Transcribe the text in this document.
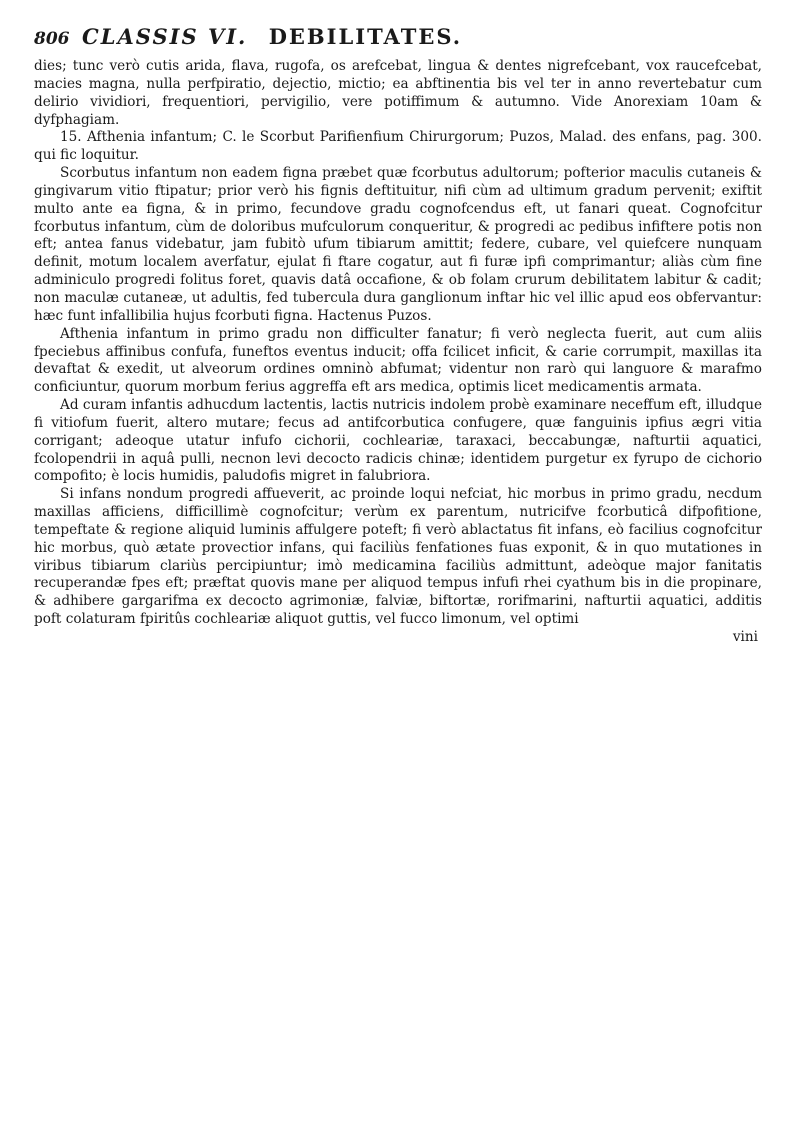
806 CLASSIS VI. DEBILITATES.

dies; tunc verò cutis arida, flava, rugofa, os arefcebat, lingua & dentes nigrefcebant, vox raucefcebat, macies magna, nulla perfpiratio, dejectio, mictio; ea abftinentia bis vel ter in anno revertebatur cum delirio vividiori, frequentiori, pervigilio, vere potiffimum & autumno. Vide Anorexiam 10am & dyfphagiam.

15. Afthenia infantum; C. le Scorbut Parifienfium Chirurgorum; Puzos, Malad. des enfans, pag. 300. qui fic loquitur.

Scorbutus infantum non eadem figna præbet quæ fcorbutus adultorum; pofterior maculis cutaneis & gingivarum vitio ftipatur; prior verò his fignis deftituitur, nifi cùm ad ultimum gradum pervenit; exiftit multo ante ea figna, & in primo, fecundove gradu cognofcendus eft, ut fanari queat. Cognofcitur fcorbutus infantum, cùm de doloribus mufculorum conqueritur, & progredi ac pedibus infiftere potis non eft; antea fanus videbatur, jam fubitò ufum tibiarum amittit; federe, cubare, vel quiefcere nunquam definit, motum localem averfatur, ejulat fi ftare cogatur, aut fi furæ ipfi comprimantur; aliàs cùm fine adminiculo progredi folitus foret, quavis datâ occafione, & ob folam crurum debilitatem labitur & cadit; non maculæ cutaneæ, ut adultis, fed tubercula dura ganglionum inftar hic vel illic apud eos obfervantur: hæc funt infallibilia hujus fcorbuti figna. Hactenus Puzos.

Afthenia infantum in primo gradu non difficulter fanatur; fi verò neglecta fuerit, aut cum aliis fpeciebus affinibus confufa, funeftos eventus inducit; offa fcilicet inficit, & carie corrumpit, maxillas ita devaftat & exedit, ut alveorum ordines omninò abfumat; videntur non rarò qui languore & marafmo conficiuntur, quorum morbum ferius aggreffa eft ars medica, optimis licet medicamentis armata.

Ad curam infantis adhucdum lactentis, lactis nutricis indolem probè examinare neceffum eft, illudque fi vitiofum fuerit, altero mutare; fecus ad antifcorbutica confugere, quæ fanguinis ipfius ægri vitia corrigant; adeoque utatur infufo cichorii, cochleariæ, taraxaci, beccabungæ, nafturtii aquatici, fcolopendrii in aquâ pulli, necnon levi decocto radicis chinæ; identidem purgetur ex fyrupo de cichorio compofito; è locis humidis, paludofis migret in falubriora.

Si infans nondum progredi affueverit, ac proinde loqui nefciat, hic morbus in primo gradu, necdum maxillas afficiens, difficillimè cognofcitur; verùm ex parentum, nutricifve fcorbuticâ difpofitione, tempeftate & regione aliquid luminis affulgere poteft; fi verò ablactatus fit infans, eò facilius cognofcitur hic morbus, quò ætate provectior infans, qui faciliùs fenfationes fuas exponit, & in quo mutationes in viribus tibiarum clariùs percipiuntur; imò medicamina faciliùs admittunt, adeòque major fanitatis recuperandæ fpes eft; præftat quovis mane per aliquod tempus infufi rhei cyathum bis in die propinare, & adhibere gargarifma ex decocto agrimoniæ, falviæ, biftortæ, rorifmarini, nafturtii aquatici, additis poft colaturam fpiritûs cochleariæ aliquot guttis, vel fucco limonum, vel optimi

vini
